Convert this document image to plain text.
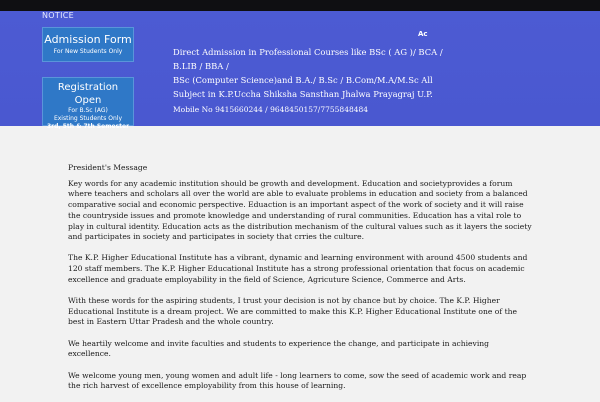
NOTICE
Admission Form
For New Students Only
Registration Open
For B.Sc (AG)
Existing Students Only
3rd, 5th & 7th Semester
Ac
Direct Admission in Professional Courses like BSc ( AG )/ BCA /
B.LIB / BBA /
BSc (Computer Science)and B.A./ B.Sc / B.Com/M.A/M.Sc All
Subject in K.P.Uccha Shiksha Sansthan Jhalwa Prayagraj U.P.
Mobile No 9415660244 / 9648450157/7755848484
President's Message

Key words for any academic institution should be growth and development. Education and societyprovides a forum where teachers and scholars all over the world are able to evaluate problems in education and society from a balanced comparative social and economic perspective. Eduaction is an important aspect of the work of society and it will raise the countryside issues and promote knowledge and understanding of rural communities. Education has a vital role to play in cultural identity. Education acts as the distribution mechanism of the cultural values such as it layers the society and participates in society and participates in society that crries the culture.

The K.P. Higher Educational Institute has a vibrant, dynamic and learning environment with around 4500 students and 120 staff members. The K.P. Higher Educational Institute has a strong professional orientation that focus on academic excellence and graduate employability in the field of Science, Agricuture Science, Commerce and Arts.

With these words for the aspiring students, I trust your decision is not by chance but by choice. The K.P. Higher Educational Institute is a dream project. We are committed to make this K.P. Higher Educational Institute one of the best in Eastern Uttar Pradesh and the whole country.

We heartily welcome and invite faculties and students to experience the change, and participate in achieving excellence.

We welcome young men, young women and adult life - long learners to come, sow the seed of academic work and reap the rich harvest of excellence employability from this house of learning.
